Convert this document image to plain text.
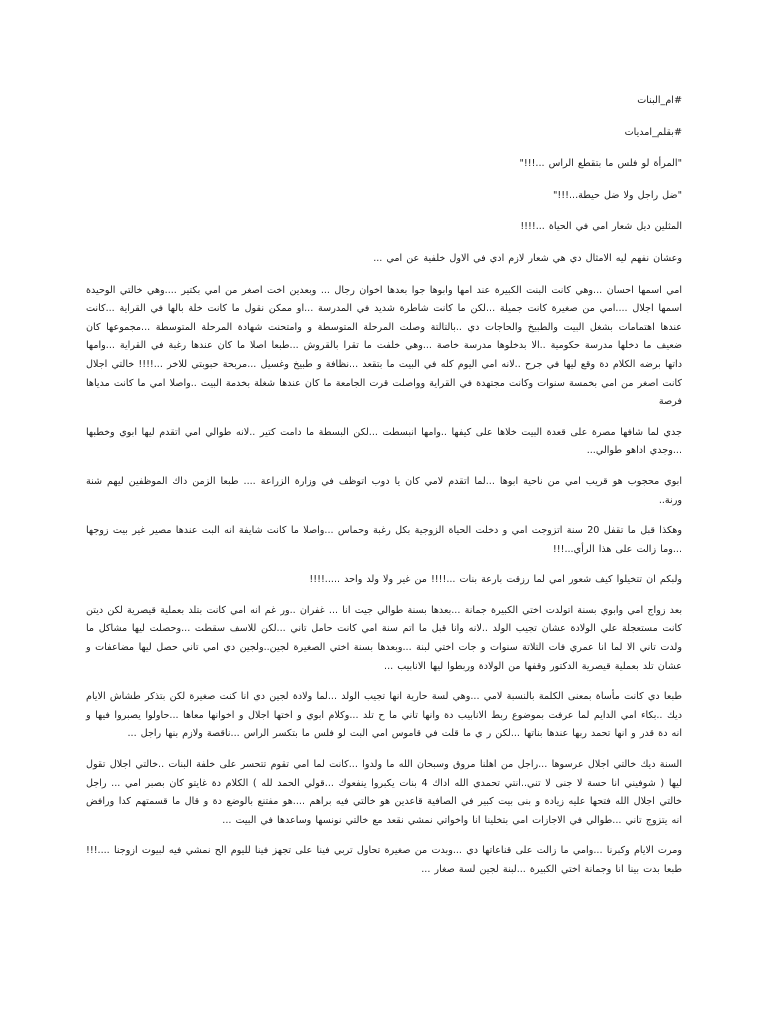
#ام_البنات

#بقلم_امديات

"المرأة لو فلس ما بتقطع الراس ...!!!"

"ضل راجل ولا ضل حيطة...!!!"

المثلين ديل شعار امي في الحياة ...!!!!

وعشان نفهم ليه الامثال دي هي شعار لازم ادي في الاول خلفية عن امي ...

امي اسمها احسان ...وهي كانت البنت الكبيرة عند امها وابوها جوا بعدها اخوان رجال ... وبعدين اخت اصغر من امي بكتير ....وهي خالتي الوحيدة اسمها اجلال ....امي من صغيرة كانت جميلة ...لكن ما كانت شاطرة شديد في المدرسة ...او ممكن نقول ما كانت خلة بالها في القراية ...كانت عندها اهتمامات بشغل البيت والطبيخ والحاجات دي ..بالتالتة وصلت المرحلة المتوسطة و وامتحنت شهادة المرحلة المتوسطة ...مجموعها كان ضعيف ما دخلها مدرسة حكومية ..الا بدخلوها مدرسة خاصة ...وهي خلفت ما تقرا بالقروش ...طبعا اصلا ما كان عندها رغبة في القراية ...وامها داتها برضه الكلام دة وقع ليها في جرح ..لانه امي اليوم كله في البيت ما بتقعد ...نظافة و طبيخ وغسيل ...مربحة حبوبتي للاخر ...!!!! خالتي اجلال كانت اصغر من امي بخمسة سنوات وكانت مجتهدة في القراية وواصلت قرت الجامعة ما كان عندها شغلة بخدمة البيت ..واصلا امي ما كانت مدياها فرصة

جدي لما شافها مصرة على قعدة البيت خلاها على كيفها ..وامها انبسطت ...لكن البسطة ما دامت كتير ..لانه طوالي امي اتقدم ليها ابوي وخطبها ...وجدي اداهو طوالي...

ابوي محجوب هو قريب امي من ناحية ابوها ...لما اتقدم لامي كان يا دوب اتوظف في وزارة الزراعة .... طبعا الزمن داك الموظفين ليهم شنة ورنة..

وهكذا قبل ما تقفل 20 سنة اتزوجت امي و دخلت الحياة الزوجية بكل رغبة وحماس ...واصلا ما كانت شايفة انه البت عندها مصير غير بيت زوجها ...وما زالت على هذا الرأي...!!!

ولبكم ان تتخيلوا كيف شعور امي لما رزقت بارعة بنات ...!!!! من غير ولا ولد واحد .....!!!!

بعد زواج امي وابوي بسنة اتولدت اختي الكبيرة جمانة ...بعدها بسنة طوالي جيت انا ... غفران ..ور غم انه امي كانت بتلد بعملية قيصرية لكن ديتن كانت مستعجلة علي الولادة عشان تجيب الولد ..لانه وانا قبل ما اتم سنة امي كانت حامل تاني ...لكن للاسف سقطت ...وحصلت ليها مشاكل ما ولدت تاني الا لما انا عمري فات التلاتة سنوات و جات اختي لبنة ...وبعدها بسنة اختي الصغيرة لجين..ولجين دي امي تاني حصل ليها مضاعفات و عشان تلد بعملية قيصرية الدكتور وقفها من الولادة وربطوا ليها الانابيب ...

طبعا دي كانت مأساة بمعنى الكلمة بالنسبة لامي ...وهي لسة حارية انها تجيب الولد ...لما ولادة لجين دي انا كنت صغيرة لكن بتذكر طشاش الايام ديك ..بكاء امي الدايم لما عرفت بموضوع ربط الانابيب دة وانها تاني ما ح تلد ...وكلام ابوي و اختها اجلال و اخوانها معاها ...حاولوا يصبروا فيها و انه دة قدر و انها تحمد ربها عندها بناتها ...لكن ر ي ما قلت في قاموس امي البت لو فلس ما بتكسر الراس ...ناقصة ولازم بنها راجل ...

السنة ديك خالتي اجلال عرسوها ...راجل من اهلنا مروق وسبحان الله ما ولدوا ...كانت لما امي تقوم تتحسر على خلفة البنات ..خالتي اجلال تقول ليها ( شوفيني انا حسة لا جنى لا تني..انتي تحمدي الله اداك 4 بنات يكبروا ينفعوك ...قولي الحمد لله ) الكلام دة غايتو كان بصبر امي ... راجل خالتي اجلال الله فتحها عليه زيادة و بنى بيت كبير في الصافية قاعدين هو خالتي فيه براهم ....هو مفتنع بالوضع دة و قال ما قسمتهم كدا ورافض انه يتزوج تاني ...طوالي في الاجازات امي بتخلينا انا واخواتي نمشي نقعد مع خالتي نونسها وساعدها في البيت ...

ومرت الايام وكبرنا ...وامي ما زالت على قناعاتها دي ...وبدت من صغيرة تحاول تربي فينا على تجهز فينا لليوم الح نمشي فيه لبيوت ازوجنا ....!!! طبعا بدت بينا انا وجمانة اختي الكبيرة ...لبنة لجين لسة صغار ...
